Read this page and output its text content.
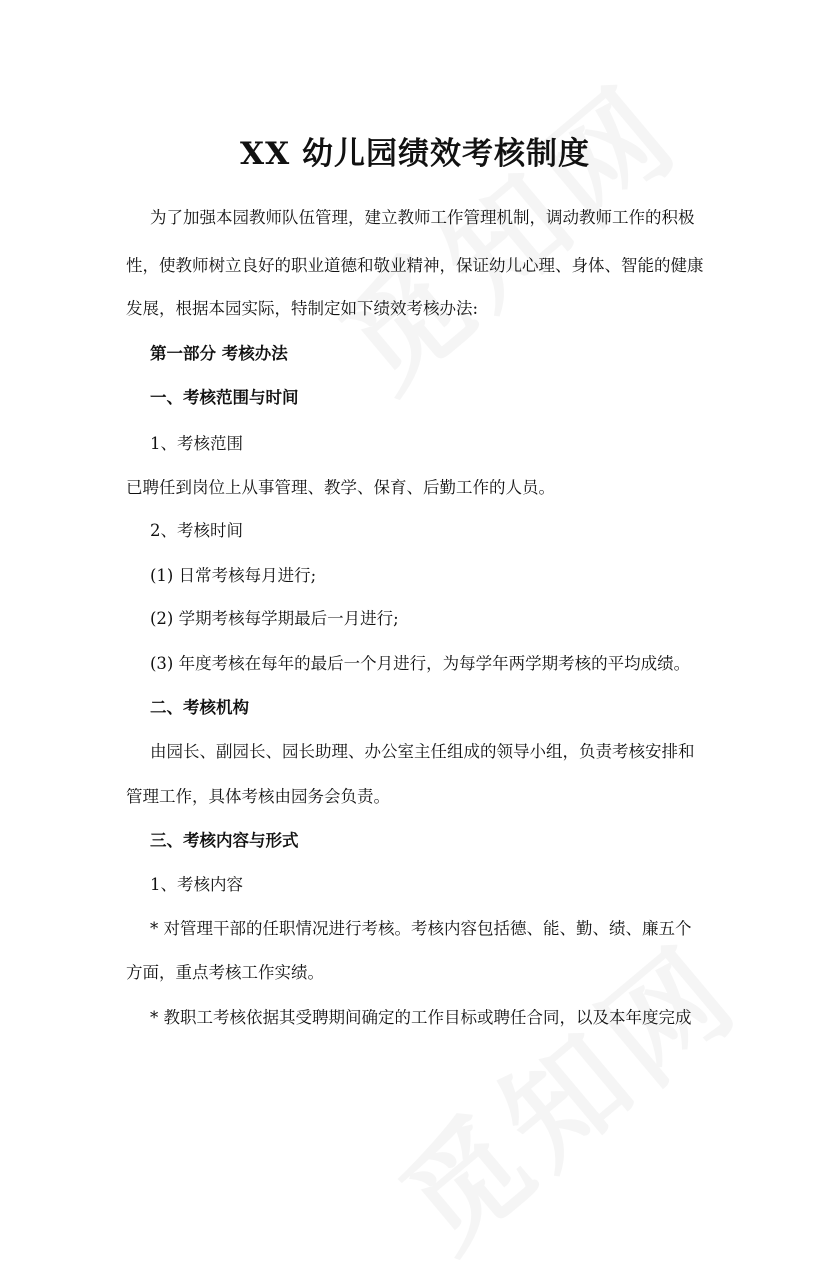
XX 幼儿园绩效考核制度
为了加强本园教师队伍管理，建立教师工作管理机制，调动教师工作的积极
性，使教师树立良好的职业道德和敬业精神，保证幼儿心理、身体、智能的健康
发展，根据本园实际，特制定如下绩效考核办法:
第一部分 考核办法
一、考核范围与时间
1、考核范围
已聘任到岗位上从事管理、教学、保育、后勤工作的人员。
2、考核时间
(1) 日常考核每月进行;
(2) 学期考核每学期最后一月进行;
(3) 年度考核在每年的最后一个月进行，为每学年两学期考核的平均成绩。
二、考核机构
由园长、副园长、园长助理、办公室主任组成的领导小组，负责考核安排和
管理工作，具体考核由园务会负责。
三、考核内容与形式
1、考核内容
* 对管理干部的任职情况进行考核。考核内容包括德、能、勤、绩、廉五个
方面，重点考核工作实绩。
* 教职工考核依据其受聘期间确定的工作目标或聘任合同，以及本年度完成
